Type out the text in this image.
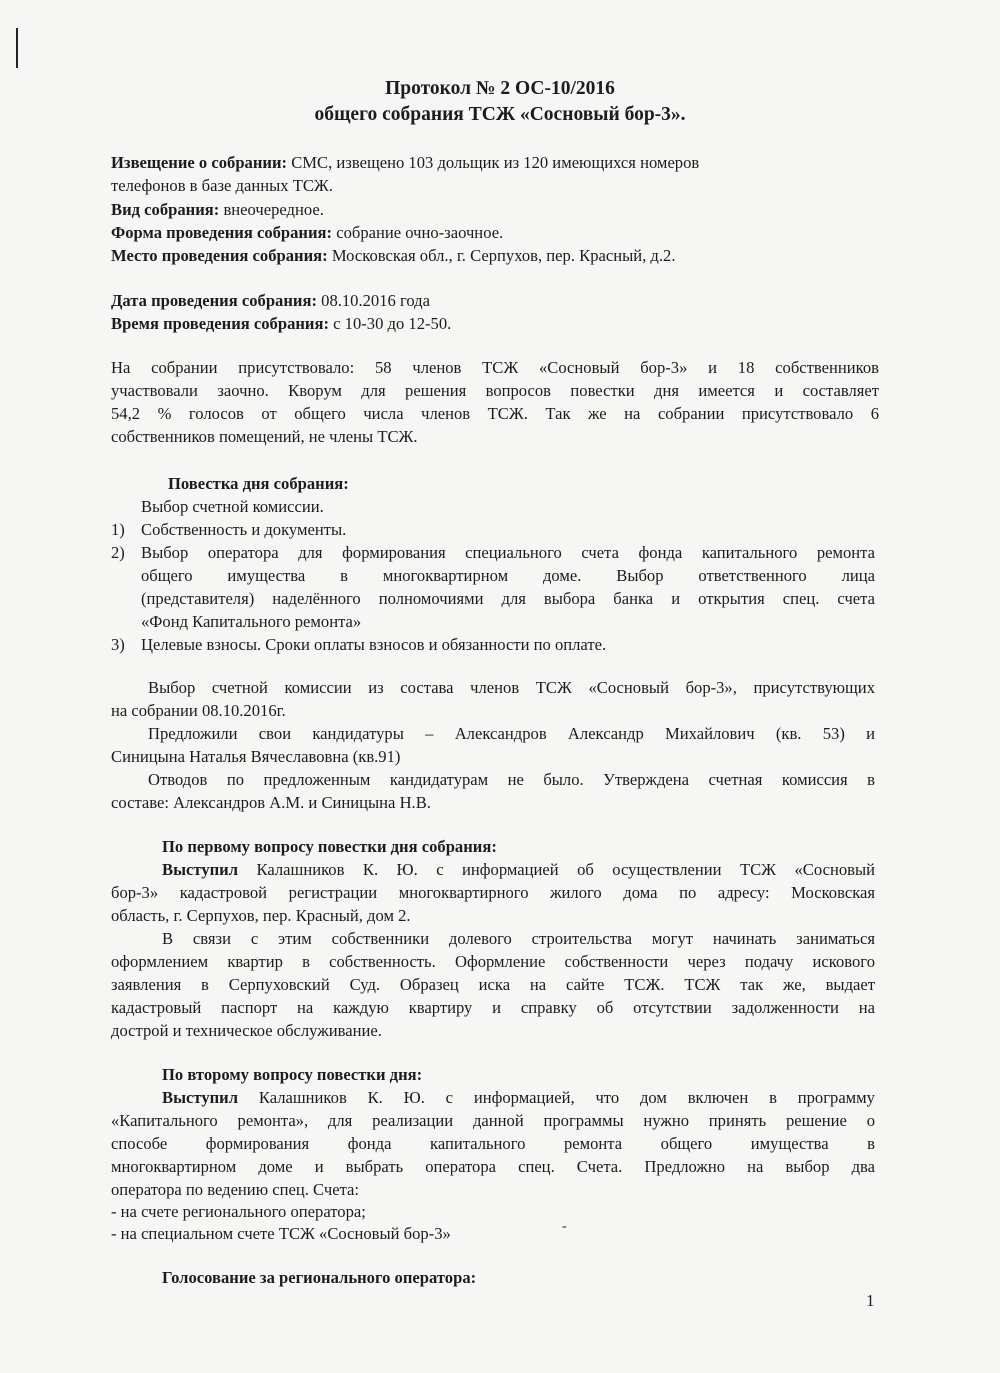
Протокол № 2 ОС-10/2016
общего собрания ТСЖ «Сосновый бор-3».
Извещение о собрании: СМС, извещено 103 дольщик из 120 имеющихся номеров
телефонов в базе данных ТСЖ.
Вид собрания: внеочередное.
Форма проведения собрания: собрание очно-заочное.
Место проведения собрания: Московская обл., г. Серпухов, пер. Красный, д.2.
Дата проведения собрания: 08.10.2016 года
Время проведения собрания: с 10-30 до 12-50.
На собрании присутствовало: 58 членов ТСЖ «Сосновый бор-3» и 18 собственников
участвовали заочно. Кворум для решения вопросов повестки дня имеется и составляет
54,2 % голосов от общего числа членов ТСЖ. Так же на собрании присутствовало 6
собственников помещений, не члены ТСЖ.
Повестка дня собрания:
Выбор счетной комиссии.
1) Собственность и документы.
2) Выбор оператора для формирования специального счета фонда капитального ремонта
общего имущества в многоквартирном доме. Выбор ответственного лица
(представителя) наделённого полномочиями для выбора банка и открытия спец. счета
«Фонд Капитального ремонта»
3) Целевые взносы. Сроки оплаты взносов и обязанности по оплате.
Выбор счетной комиссии из состава членов ТСЖ «Сосновый бор-3», присутствующих
на собрании 08.10.2016г.
Предложили свои кандидатуры – Александров Александр Михайлович (кв. 53) и
Синицына Наталья Вячеславовна (кв.91)
Отводов по предложенным кандидатурам не было. Утверждена счетная комиссия в
составе: Александров А.М. и Синицына Н.В.
По первому вопросу повестки дня собрания:
Выступил Калашников К. Ю. с информацией об осуществлении ТСЖ «Сосновый
бор-3» кадастровой регистрации многоквартирного жилого дома по адресу: Московская
область, г. Серпухов, пер. Красный, дом 2.
В связи с этим собственники долевого строительства могут начинать заниматься
оформлением квартир в собственность. Оформление собственности через подачу искового
заявления в Серпуховский Суд. Образец иска на сайте ТСЖ. ТСЖ так же, выдает
кадастровый паспорт на каждую квартиру и справку об отсутствии задолженности на
дострой и техническое обслуживание.
По второму вопросу повестки дня:
Выступил Калашников К. Ю. с информацией, что дом включен в программу
«Капитального ремонта», для реализации данной программы нужно принять решение о
способе формирования фонда капитального ремонта общего имущества в
многоквартирном доме и выбрать оператора спец. Счета. Предложно на выбор два
оператора по ведению спец. Счета:
- на счете регионального оператора;
- на специальном счете ТСЖ «Сосновый бор-3»	-
Голосование за регионального оператора:
1
